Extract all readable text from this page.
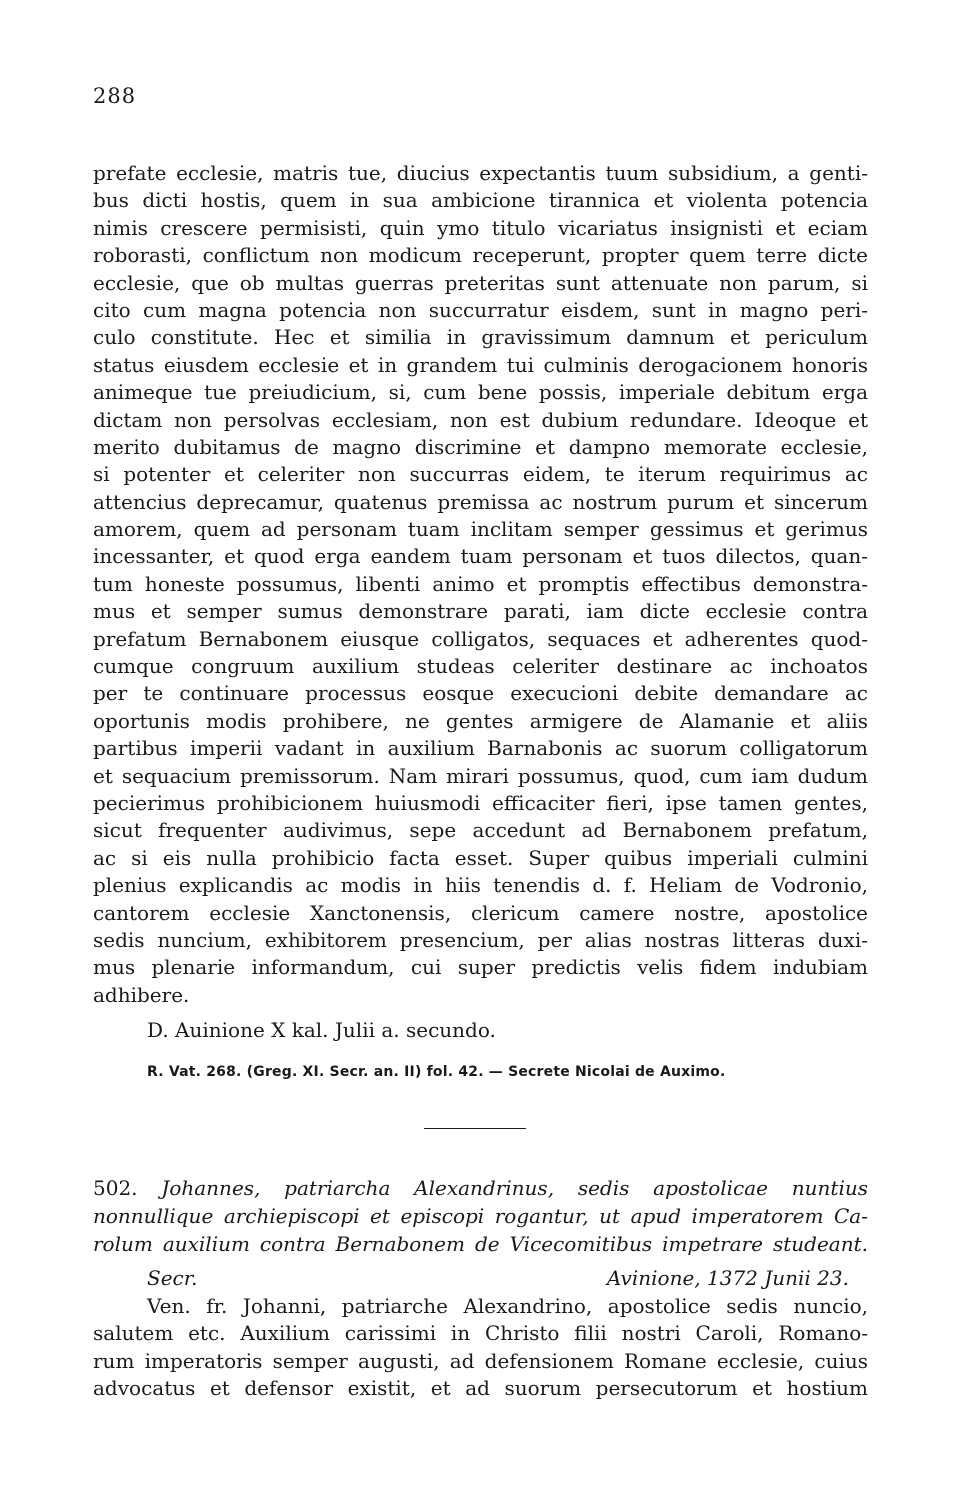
288
prefate ecclesie, matris tue, diucius expectantis tuum subsidium, a genti-
bus dicti hostis, quem in sua ambicione tirannica et violenta potencia
nimis crescere permisisti, quin ymo titulo vicariatus insignisti et eciam
roborasti, conflictum non modicum receperunt, propter quem terre dicte
ecclesie, que ob multas guerras preteritas sunt attenuate non parum, si
cito cum magna potencia non succurratur eisdem, sunt in magno peri-
culo constitute. Hec et similia in gravissimum damnum et periculum
status eiusdem ecclesie et in grandem tui culminis derogacionem honoris
animeque tue preiudicium, si, cum bene possis, imperiale debitum erga
dictam non persolvas ecclesiam, non est dubium redundare. Ideoque et
merito dubitamus de magno discrimine et dampno memorate ecclesie,
si potenter et celeriter non succurras eidem, te iterum requirimus ac
attencius deprecamur, quatenus premissa ac nostrum purum et sincerum
amorem, quem ad personam tuam inclitam semper gessimus et gerimus
incessanter, et quod erga eandem tuam personam et tuos dilectos, quan-
tum honeste possumus, libenti animo et promptis effectibus demonstra-
mus et semper sumus demonstrare parati, iam dicte ecclesie contra
prefatum Bernabonem eiusque colligatos, sequaces et adherentes quod-
cumque congruum auxilium studeas celeriter destinare ac inchoatos
per te continuare processus eosque execucioni debite demandare ac
oportunis modis prohibere, ne gentes armigere de Alamanie et aliis
partibus imperii vadant in auxilium Barnabonis ac suorum colligatorum
et sequacium premissorum. Nam mirari possumus, quod, cum iam dudum
pecierimus prohibicionem huiusmodi efficaciter fieri, ipse tamen gentes,
sicut frequenter audivimus, sepe accedunt ad Bernabonem prefatum,
ac si eis nulla prohibicio facta esset. Super quibus imperiali culmini
plenius explicandis ac modis in hiis tenendis d. f. Heliam de Vodronio,
cantorem ecclesie Xanctonensis, clericum camere nostre, apostolice
sedis nuncium, exhibitorem presencium, per alias nostras litteras duxi-
mus plenarie informandum, cui super predictis velis fidem indubiam
adhibere.
D. Auinione X kal. Julii a. secundo.
R. Vat. 268. (Greg. XI. Secr. an. II) fol. 42. — Secrete Nicolai de Auximo.
502. Johannes, patriarcha Alexandrinus, sedis apostolicae nuntius
nonnullique archiepiscopi et episcopi rogantur, ut apud imperatorem Ca-
rolum auxilium contra Bernabonem de Vicecomitibus impetrare studeant.
Secr.	Avinione, 1372 Junii 23.
Ven. fr. Johanni, patriarche Alexandrino, apostolice sedis nuncio,
salutem etc. Auxilium carissimi in Christo filii nostri Caroli, Romano-
rum imperatoris semper augusti, ad defensionem Romane ecclesie, cuius
advocatus et defensor existit, et ad suorum persecutorum et hostium
